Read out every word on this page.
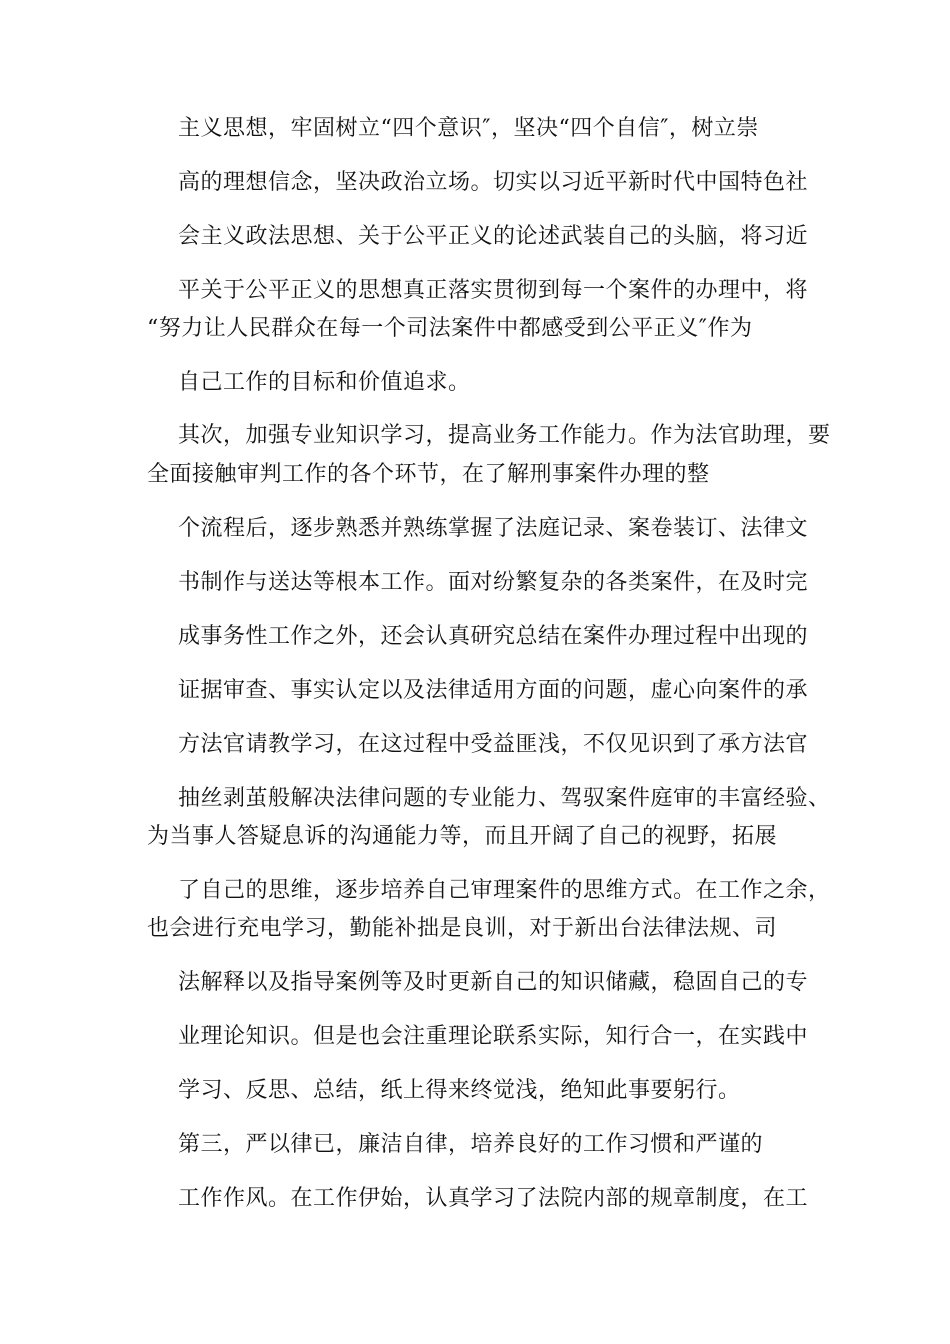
主义思想，牢固树立“四个意识″，坚决“四个自信″，树立崇
高的理想信念，坚决政治立场。切实以习近平新时代中国特色社
会主义政法思想、关于公平正义的论述武装自己的头脑，将习近
平关于公平正义的思想真正落实贯彻到每一个案件的办理中，将
“努力让人民群众在每一个司法案件中都感受到公平正义″作为
自己工作的目标和价值追求。
其次，加强专业知识学习，提高业务工作能力。作为法官助理，要
全面接触审判工作的各个环节，在了解刑事案件办理的整
个流程后，逐步熟悉并熟练掌握了法庭记录、案卷装订、法律文
书制作与送达等根本工作。面对纷繁复杂的各类案件，在及时完
成事务性工作之外，还会认真研究总结在案件办理过程中出现的
证据审查、事实认定以及法律适用方面的问题，虚心向案件的承
方法官请教学习，在这过程中受益匪浅，不仅见识到了承方法官
抽丝剥茧般解决法律问题的专业能力、驾驭案件庭审的丰富经验、
为当事人答疑息诉的沟通能力等，而且开阔了自己的视野，拓展
了自己的思维，逐步培养自己审理案件的思维方式。在工作之余，
也会进行充电学习，勤能补拙是良训，对于新出台法律法规、司
法解释以及指导案例等及时更新自己的知识储藏，稳固自己的专
业理论知识。但是也会注重理论联系实际，知行合一，在实践中
学习、反思、总结，纸上得来终觉浅，绝知此事要躬行。
第三，严以律已，廉洁自律，培养良好的工作习惯和严谨的
工作作风。在工作伊始，认真学习了法院内部的规章制度，在工
